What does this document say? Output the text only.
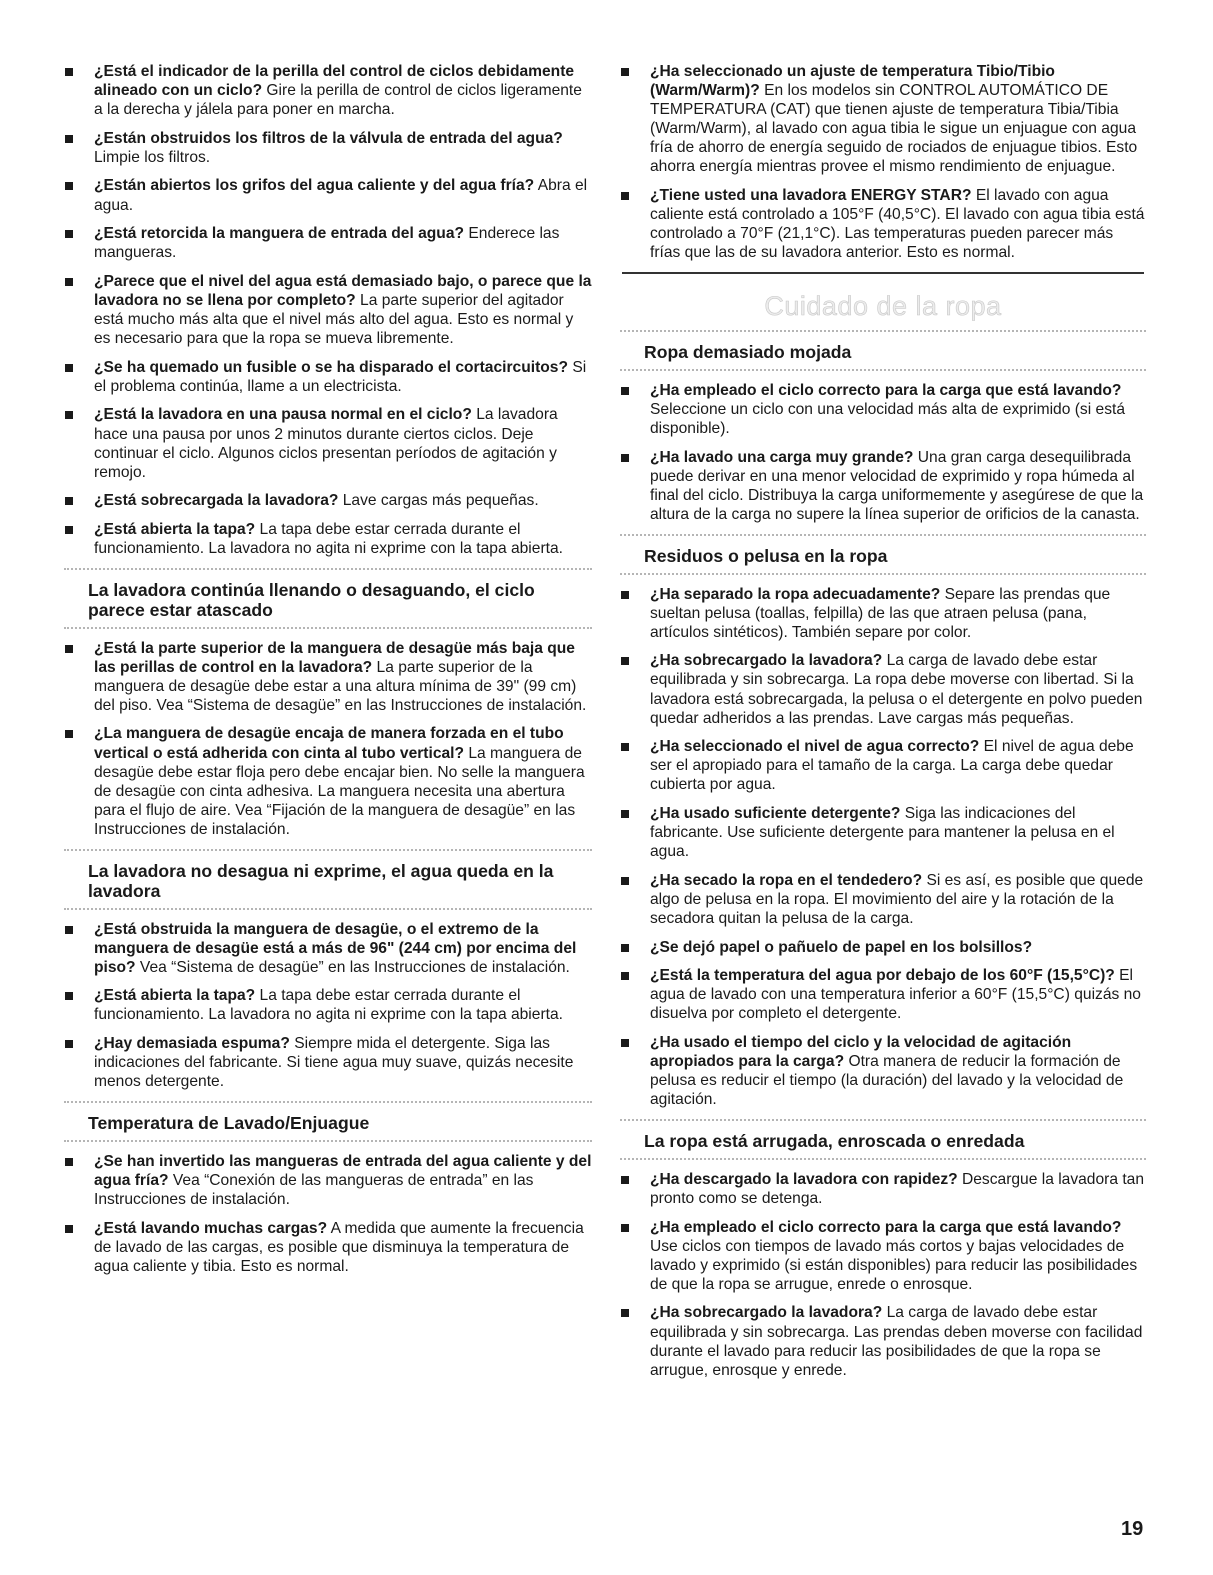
¿Está el indicador de la perilla del control de ciclos debidamente alineado con un ciclo? Gire la perilla de control de ciclos ligeramente a la derecha y jálela para poner en marcha.
¿Están obstruidos los filtros de la válvula de entrada del agua? Limpie los filtros.
¿Están abiertos los grifos del agua caliente y del agua fría? Abra el agua.
¿Está retorcida la manguera de entrada del agua? Enderece las mangueras.
¿Parece que el nivel del agua está demasiado bajo, o parece que la lavadora no se llena por completo? La parte superior del agitador está mucho más alta que el nivel más alto del agua. Esto es normal y es necesario para que la ropa se mueva libremente.
¿Se ha quemado un fusible o se ha disparado el cortacircuitos? Si el problema continúa, llame a un electricista.
¿Está la lavadora en una pausa normal en el ciclo? La lavadora hace una pausa por unos 2 minutos durante ciertos ciclos. Deje continuar el ciclo. Algunos ciclos presentan períodos de agitación y remojo.
¿Está sobrecargada la lavadora? Lave cargas más pequeñas.
¿Está abierta la tapa? La tapa debe estar cerrada durante el funcionamiento. La lavadora no agita ni exprime con la tapa abierta.
La lavadora continúa llenando o desaguando, el ciclo parece estar atascado
¿Está la parte superior de la manguera de desagüe más baja que las perillas de control en la lavadora? La parte superior de la manguera de desagüe debe estar a una altura mínima de 39" (99 cm) del piso. Vea “Sistema de desagüe” en las Instrucciones de instalación.
¿La manguera de desagüe encaja de manera forzada en el tubo vertical o está adherida con cinta al tubo vertical? La manguera de desagüe debe estar floja pero debe encajar bien. No selle la manguera de desagüe con cinta adhesiva. La manguera necesita una abertura para el flujo de aire. Vea “Fijación de la manguera de desagüe” en las Instrucciones de instalación.
La lavadora no desagua ni exprime, el agua queda en la lavadora
¿Está obstruida la manguera de desagüe, o el extremo de la manguera de desagüe está a más de 96" (244 cm) por encima del piso? Vea “Sistema de desagüe” en las Instrucciones de instalación.
¿Está abierta la tapa? La tapa debe estar cerrada durante el funcionamiento. La lavadora no agita ni exprime con la tapa abierta.
¿Hay demasiada espuma? Siempre mida el detergente. Siga las indicaciones del fabricante. Si tiene agua muy suave, quizás necesite menos detergente.
Temperatura de Lavado/Enjuague
¿Se han invertido las mangueras de entrada del agua caliente y del agua fría? Vea “Conexión de las mangueras de entrada” en las Instrucciones de instalación.
¿Está lavando muchas cargas? A medida que aumente la frecuencia de lavado de las cargas, es posible que disminuya la temperatura de agua caliente y tibia. Esto es normal.
¿Ha seleccionado un ajuste de temperatura Tibio/Tibio (Warm/Warm)? En los modelos sin CONTROL AUTOMÁTICO DE TEMPERATURA (CAT) que tienen ajuste de temperatura Tibia/Tibia (Warm/Warm), al lavado con agua tibia le sigue un enjuague con agua fría de ahorro de energía seguido de rociados de enjuague tibios. Esto ahorra energía mientras provee el mismo rendimiento de enjuague.
¿Tiene usted una lavadora ENERGY STAR? El lavado con agua caliente está controlado a 105°F (40,5°C). El lavado con agua tibia está controlado a 70°F (21,1°C). Las temperaturas pueden parecer más frías que las de su lavadora anterior. Esto es normal.
Cuidado de la ropa
Ropa demasiado mojada
¿Ha empleado el ciclo correcto para la carga que está lavando? Seleccione un ciclo con una velocidad más alta de exprimido (si está disponible).
¿Ha lavado una carga muy grande? Una gran carga desequilibrada puede derivar en una menor velocidad de exprimido y ropa húmeda al final del ciclo. Distribuya la carga uniformemente y asegúrese de que la altura de la carga no supere la línea superior de orificios de la canasta.
Residuos o pelusa en la ropa
¿Ha separado la ropa adecuadamente? Separe las prendas que sueltan pelusa (toallas, felpilla) de las que atraen pelusa (pana, artículos sintéticos). También separe por color.
¿Ha sobrecargado la lavadora? La carga de lavado debe estar equilibrada y sin sobrecarga. La ropa debe moverse con libertad. Si la lavadora está sobrecargada, la pelusa o el detergente en polvo pueden quedar adheridos a las prendas. Lave cargas más pequeñas.
¿Ha seleccionado el nivel de agua correcto? El nivel de agua debe ser el apropiado para el tamaño de la carga. La carga debe quedar cubierta por agua.
¿Ha usado suficiente detergente? Siga las indicaciones del fabricante. Use suficiente detergente para mantener la pelusa en el agua.
¿Ha secado la ropa en el tendedero? Si es así, es posible que quede algo de pelusa en la ropa. El movimiento del aire y la rotación de la secadora quitan la pelusa de la carga.
¿Se dejó papel o pañuelo de papel en los bolsillos?
¿Está la temperatura del agua por debajo de los 60°F (15,5°C)? El agua de lavado con una temperatura inferior a 60°F (15,5°C) quizás no disuelva por completo el detergente.
¿Ha usado el tiempo del ciclo y la velocidad de agitación apropiados para la carga? Otra manera de reducir la formación de pelusa es reducir el tiempo (la duración) del lavado y la velocidad de agitación.
La ropa está arrugada, enroscada o enredada
¿Ha descargado la lavadora con rapidez? Descargue la lavadora tan pronto como se detenga.
¿Ha empleado el ciclo correcto para la carga que está lavando? Use ciclos con tiempos de lavado más cortos y bajas velocidades de lavado y exprimido (si están disponibles) para reducir las posibilidades de que la ropa se arrugue, enrede o enrosque.
¿Ha sobrecargado la lavadora? La carga de lavado debe estar equilibrada y sin sobrecarga. Las prendas deben moverse con facilidad durante el lavado para reducir las posibilidades de que la ropa se arrugue, enrosque y enrede.
19
